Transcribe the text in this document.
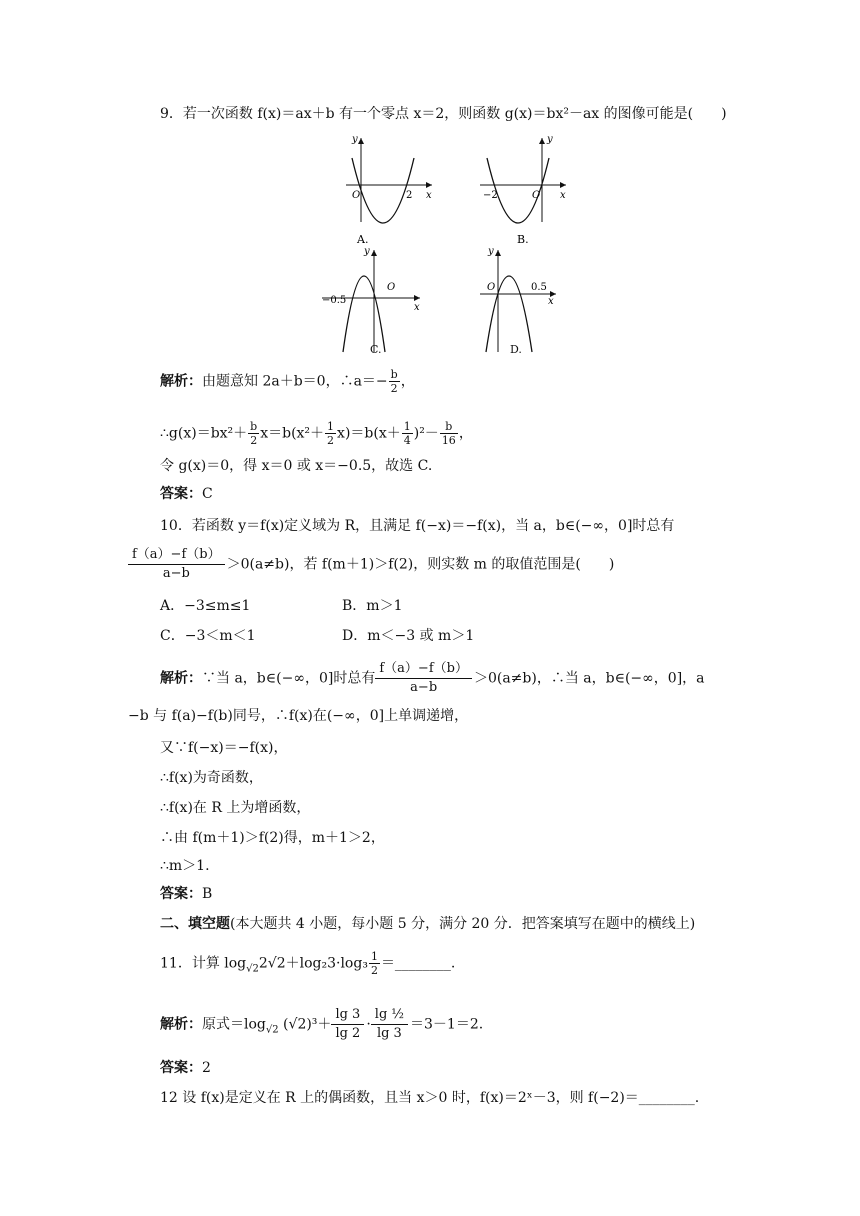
9．若一次函数 f(x)＝ax＋b 有一个零点 x＝2，则函数 g(x)＝bx²－ax 的图像可能是(　　)
y
O	2 x
A.
y
−2	O x
B.
y
−0.5
O
x
y
O	0.5
x
C.	D.
解析：由题意知 2a＋b＝0，∴a＝− $\frac{b}{2}$ ，
∴g(x)＝bx²＋ $\frac{b}{2} x=b(x^2+ \frac{1}{2} x)=b(x+ \frac{1}{4} )^2- \frac{b}{16}$ ，
令 g(x)＝0，得 x＝0 或 x＝−0.5，故选 C.
答案：C
10．若函数 y＝f(x)定义域为 R，且满足 f(−x)＝−f(x)，当 a，b∈(−∞，0]时总有
$\frac{f(a)-f(b)}{a-b} >0(a\ne b)$，若 f(m＋1)＞f(2)，则实数 m 的取值范围是(　　)
A．−3≤m≤1	B．m＞1
C．−3＜m＜1	D．m＜−3 或 m＞1
解析：∵当 a，b∈(−∞，0]时总有 $\frac{f(a)-f(b)}{a-b} >0(a\ne b)$，∴当 a，b∈(−∞，0]，a
−b 与 f(a)−f(b)同号，∴f(x)在(−∞，0]上单调递增，
又∵f(−x)＝−f(x)，
∴f(x)为奇函数，
∴f(x)在 R 上为增函数，
∴由 f(m＋1)＞f(2)得，m＋1＞2，
∴m＞1.
答案：B
二、填空题(本大题共 4 小题，每小题 5 分，满分 20 分．把答案填写在题中的横线上)
11．计算 $\log_{√2}2√2+\log_23\cdot\log_3 \frac{1}{2}$ ＝________.
解析：原式$=\log_{√2}$ $(√2)^3+ \frac{\lg 3}{\lg 2} \cdot \frac{\text{lg ½}}{\lg 3} =3-1=2$.
答案：2
12 设 f(x)是定义在 R 上的偶函数，且当 x＞0 时，f(x)＝2ˣ－3，则 f(−2)＝________.
